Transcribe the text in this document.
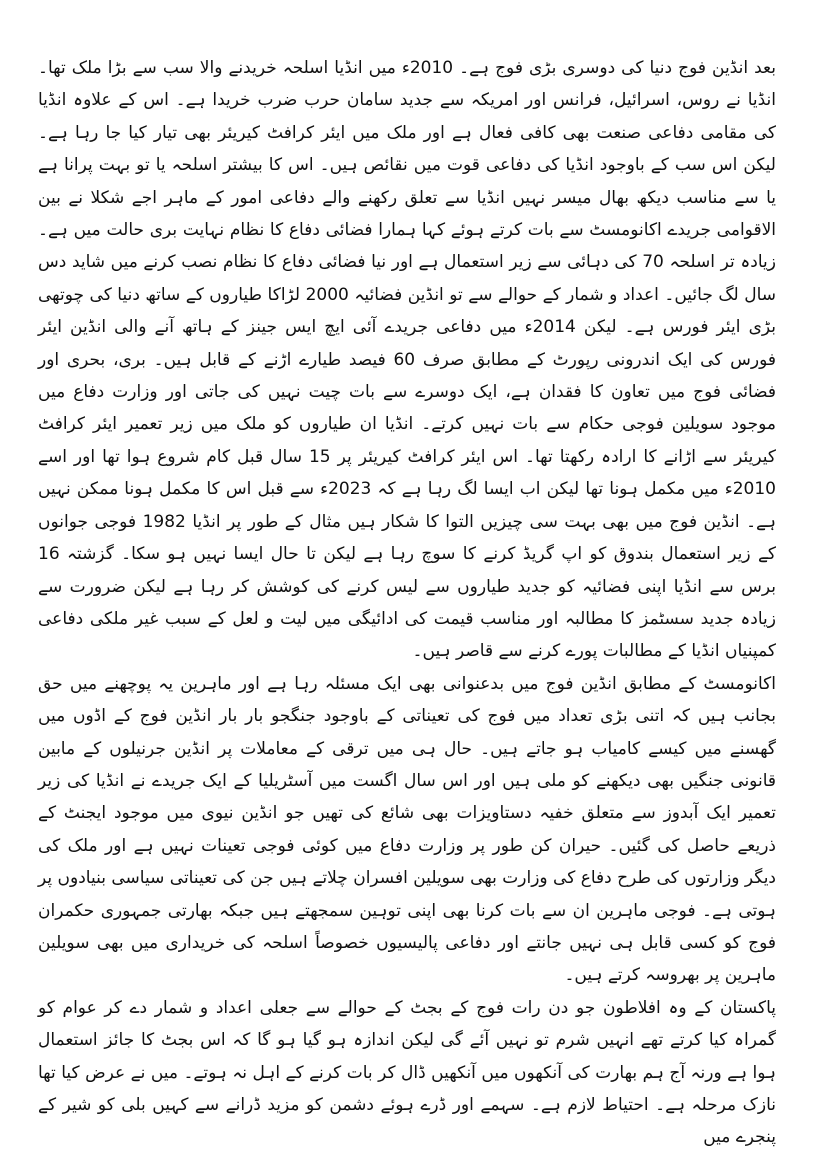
بعد انڈین فوج دنیا کی دوسری بڑی فوج ہے۔ 2010ء میں انڈیا اسلحہ خریدنے والا سب سے بڑا ملک تھا۔ انڈیا نے روس، اسرائیل، فرانس اور امریکہ سے جدید سامان حرب ضرب خریدا ہے۔ اس کے علاوہ انڈیا کی مقامی دفاعی صنعت بھی کافی فعال ہے اور ملک میں ایئر کرافٹ کیریئر بھی تیار کیا جا رہا ہے۔ لیکن اس سب کے باوجود انڈیا کی دفاعی قوت میں نقائص ہیں۔ اس کا بیشتر اسلحہ یا تو بہت پرانا ہے یا سے مناسب دیکھ بھال میسر نہیں انڈیا سے تعلق رکھنے والے دفاعی امور کے ماہر اجے شکلا نے بین الاقوامی جریدے اکانومسٹ سے بات کرتے ہوئے کہا ہمارا فضائی دفاع کا نظام نہایت بری حالت میں ہے۔ زیادہ تر اسلحہ 70 کی دہائی سے زیر استعمال ہے اور نیا فضائی دفاع کا نظام نصب کرنے میں شاید دس سال لگ جائیں۔ اعداد و شمار کے حوالے سے تو انڈین فضائیہ 2000 لڑاکا طیاروں کے ساتھ دنیا کی چوتھی بڑی ایئر فورس ہے۔ لیکن 2014ء میں دفاعی جریدے آئی ایچ ایس جینز کے ہاتھ آنے والی انڈین ایئر فورس کی ایک اندرونی رپورٹ کے مطابق صرف 60 فیصد طیارے اڑنے کے قابل ہیں۔ بری، بحری اور فضائی فوج میں تعاون کا فقدان ہے، ایک دوسرے سے بات چیت نہیں کی جاتی اور وزارت دفاع میں موجود سویلین فوجی حکام سے بات نہیں کرتے۔ انڈیا ان طیاروں کو ملک میں زیر تعمیر ایئر کرافٹ کیریئر سے اڑانے کا ارادہ رکھتا تھا۔ اس ایئر کرافٹ کیریئر پر 15 سال قبل کام شروع ہوا تھا اور اسے 2010ء میں مکمل ہونا تھا لیکن اب ایسا لگ رہا ہے کہ 2023ء سے قبل اس کا مکمل ہونا ممکن نہیں ہے۔ انڈین فوج میں بھی بہت سی چیزیں التوا کا شکار ہیں مثال کے طور پر انڈیا 1982 فوجی جوانوں کے زیر استعمال بندوق کو اپ گریڈ کرنے کا سوچ رہا ہے لیکن تا حال ایسا نہیں ہو سکا۔ گزشتہ 16 برس سے انڈیا اپنی فضائیہ کو جدید طیاروں سے لیس کرنے کی کوشش کر رہا ہے لیکن ضرورت سے زیادہ جدید سسٹمز کا مطالبہ اور مناسب قیمت کی ادائیگی میں لیت و لعل کے سبب غیر ملکی دفاعی کمپنیاں انڈیا کے مطالبات پورے کرنے سے قاصر ہیں۔

اکانومسٹ کے مطابق انڈین فوج میں بدعنوانی بھی ایک مسئلہ رہا ہے اور ماہرین یہ پوچھنے میں حق بجانب ہیں کہ اتنی بڑی تعداد میں فوج کی تعیناتی کے باوجود جنگجو بار بار انڈین فوج کے اڈوں میں گھسنے میں کیسے کامیاب ہو جاتے ہیں۔ حال ہی میں ترقی کے معاملات پر انڈین جرنیلوں کے مابین قانونی جنگیں بھی دیکھنے کو ملی ہیں اور اس سال اگست میں آسٹریلیا کے ایک جریدے نے انڈیا کی زیر تعمیر ایک آبدوز سے متعلق خفیہ دستاویزات بھی شائع کی تھیں جو انڈین نیوی میں موجود ایجنٹ کے ذریعے حاصل کی گئیں۔ حیران کن طور پر وزارت دفاع میں کوئی فوجی تعینات نہیں ہے اور ملک کی دیگر وزارتوں کی طرح دفاع کی وزارت بھی سویلین افسران چلاتے ہیں جن کی تعیناتی سیاسی بنیادوں پر ہوتی ہے۔ فوجی ماہرین ان سے بات کرنا بھی اپنی توہین سمجھتے ہیں جبکہ بھارتی جمہوری حکمران فوج کو کسی قابل ہی نہیں جانتے اور دفاعی پالیسیوں خصوصاً اسلحہ کی خریداری میں بھی سویلین ماہرین پر بھروسہ کرتے ہیں۔

پاکستان کے وہ افلاطون جو دن رات فوج کے بجٹ کے حوالے سے جعلی اعداد و شمار دے کر عوام کو گمراہ کیا کرتے تھے انہیں شرم تو نہیں آئے گی لیکن اندازہ ہو گیا ہو گا کہ اس بجٹ کا جائز استعمال ہوا ہے ورنہ آج ہم بھارت کی آنکھوں میں آنکھیں ڈال کر بات کرنے کے اہل نہ ہوتے۔ میں نے عرض کیا تھا نازک مرحلہ ہے۔ احتیاط لازم ہے۔ سہمے اور ڈرے ہوئے دشمن کو مزید ڈرانے سے کہیں بلی کو شیر کے پنجرے میں
